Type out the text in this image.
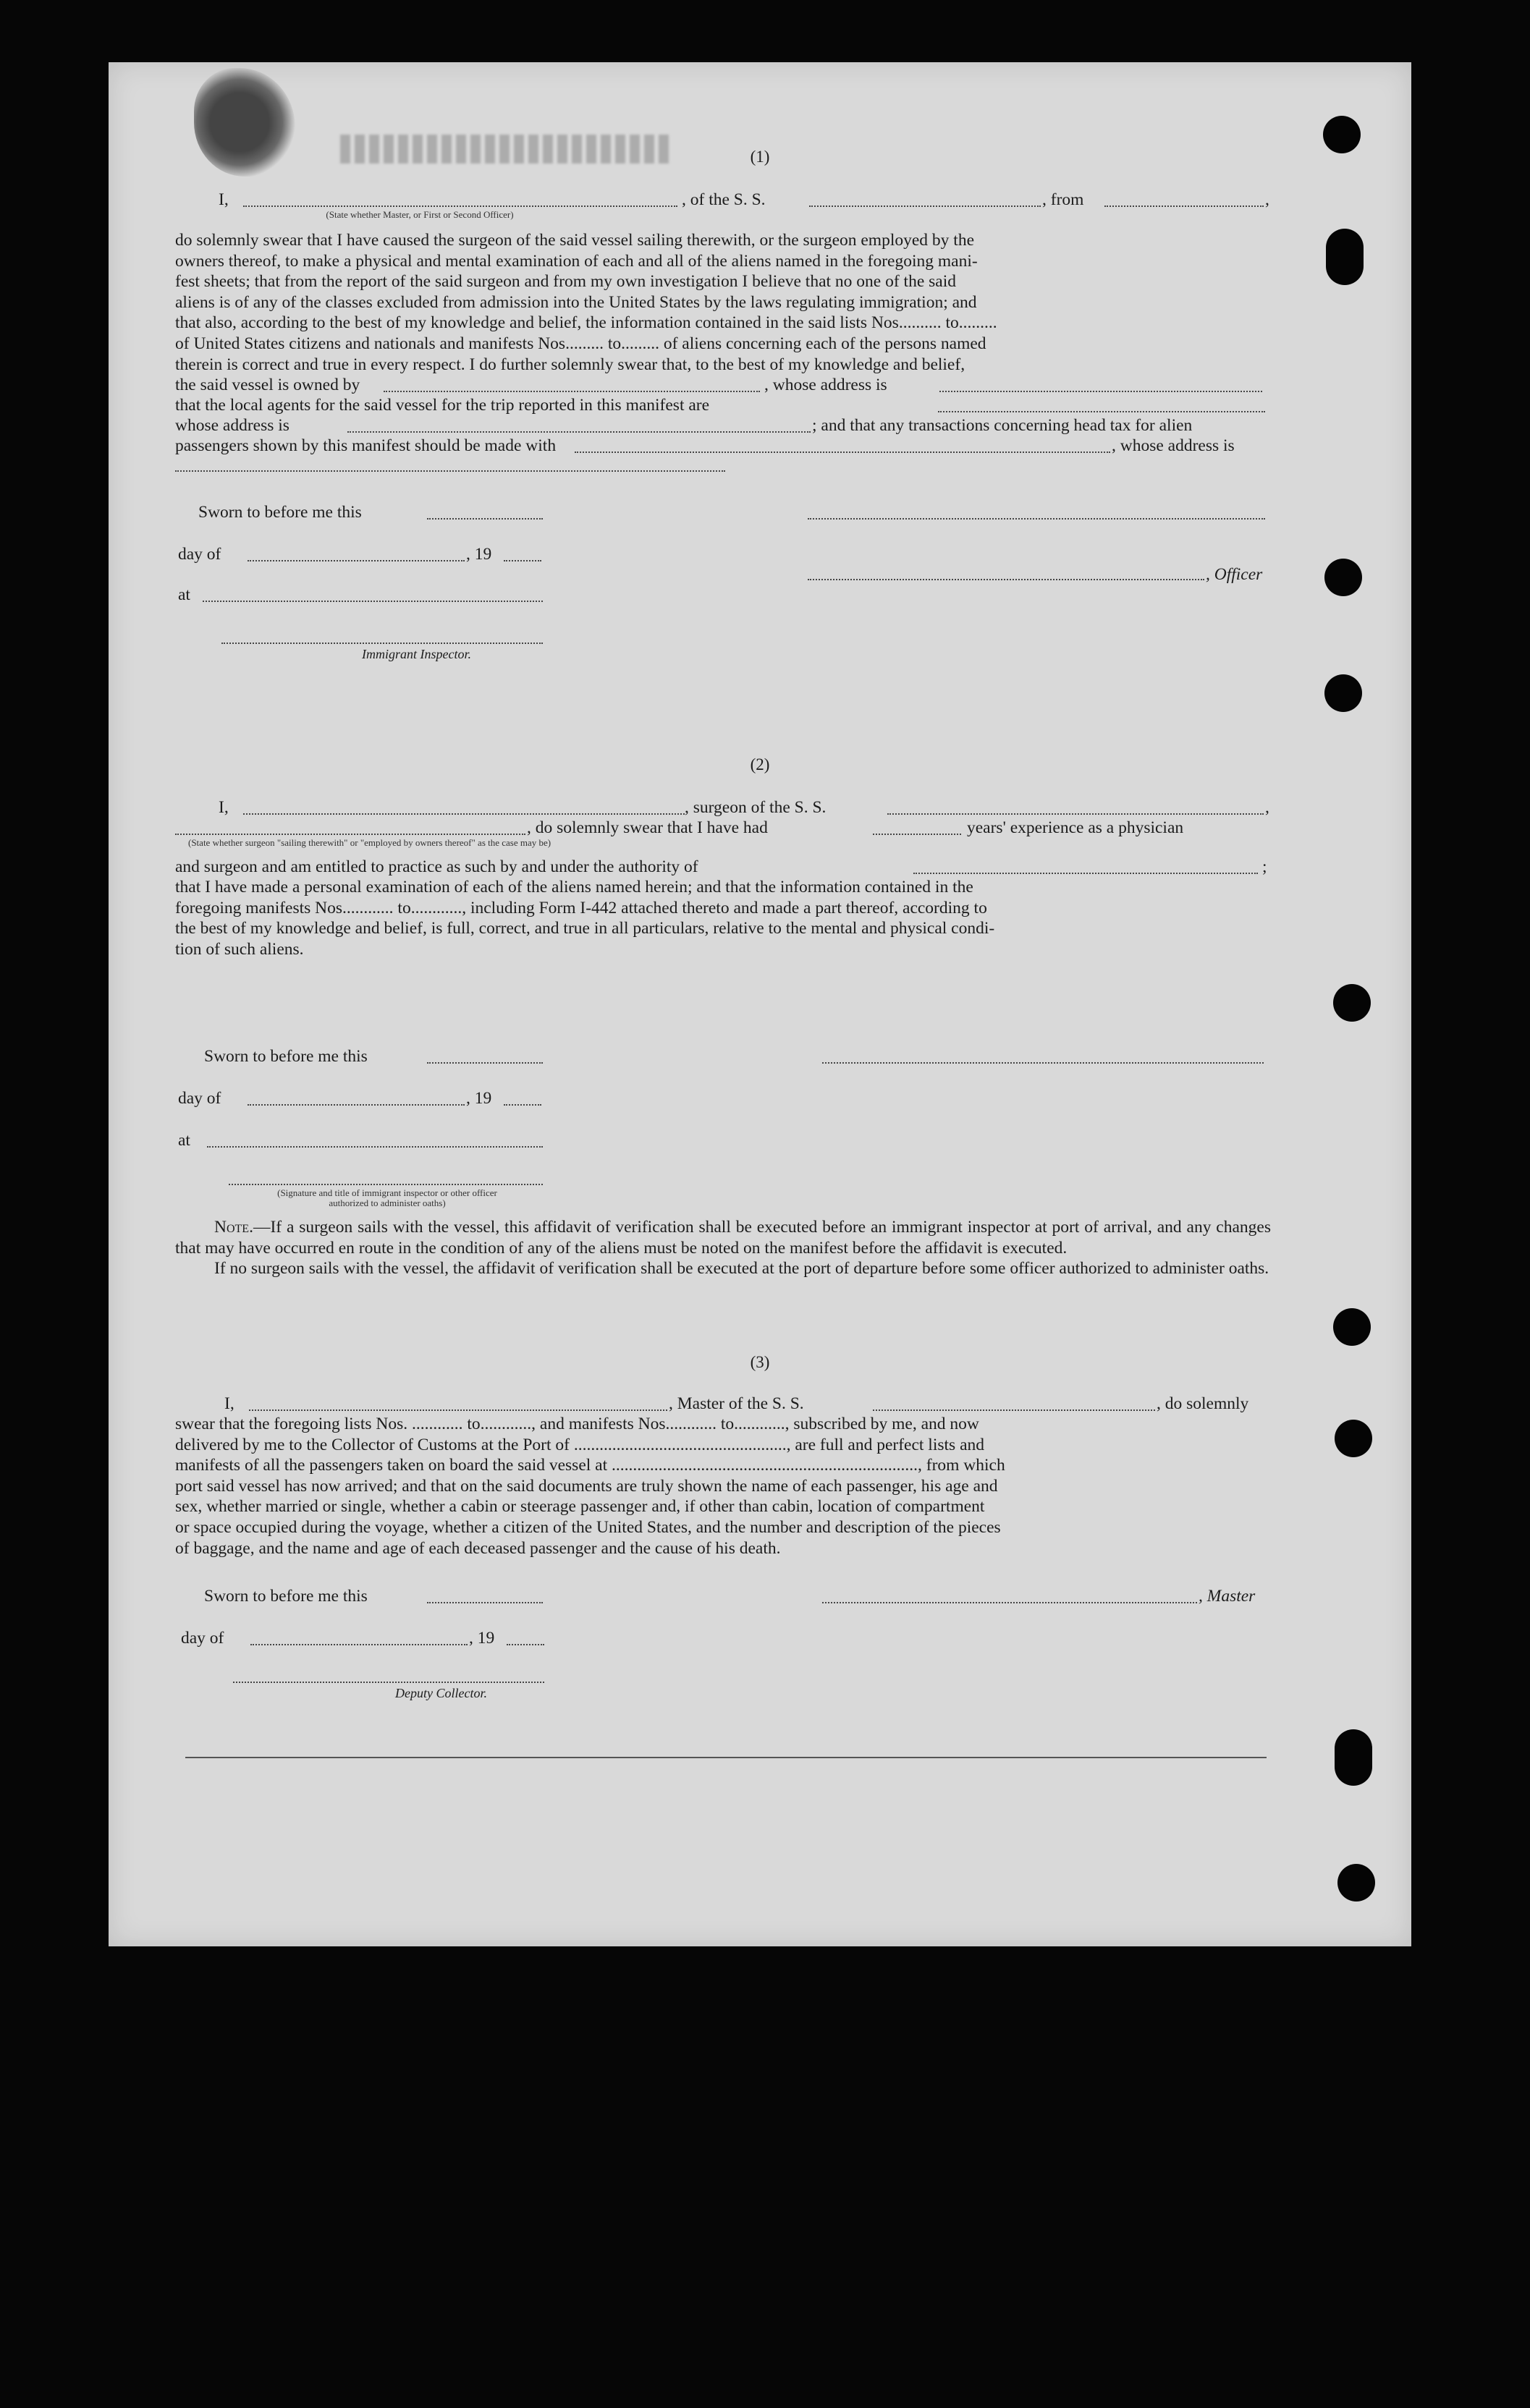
(1)
I,	, of the S. S.	, from	,
(State whether Master, or First or Second Officer)

do solemnly swear that I have caused the surgeon of the said vessel sailing therewith, or the surgeon employed by the

owners thereof, to make a physical and mental examination of each and all of the aliens named in the foregoing mani-

fest sheets; that from the report of the said surgeon and from my own investigation I believe that no one of the said

aliens is of any of the classes excluded from admission into the United States by the laws regulating immigration; and

that also, according to the best of my knowledge and belief, the information contained in the said lists Nos.......... to.........

of United States citizens and nationals and manifests Nos......... to......... of aliens concerning each of the persons named

therein is correct and true in every respect. I do further solemnly swear that, to the best of my knowledge and belief,

the said vessel is owned by	, whose address is
that the local agents for the said vessel for the trip reported in this manifest are
whose address is	; and that any transactions concerning head tax for alien
passengers shown by this manifest should be made with	, whose address is
Sworn to before me this
day of	, 19
, Officer
at
Immigrant Inspector.
(2)
I,	, surgeon of the S. S.	,
, do solemnly swear that I have had	years' experience as a physician
(State whether surgeon "sailing therewith" or "employed by owners thereof" as the case may be)
and surgeon and am entitled to practice as such by and under the authority of	;

that I have made a personal examination of each of the aliens named herein; and that the information contained in the

foregoing manifests Nos............ to............, including Form I-442 attached thereto and made a part thereof, according to

the best of my knowledge and belief, is full, correct, and true in all particulars, relative to the mental and physical condi-

tion of such aliens.

Sworn to before me this
day of	, 19
at
(Signature and title of immigrant inspector or other officer authorized to administer oaths)

Note.—If a surgeon sails with the vessel, this affidavit of verification shall be executed before an immigrant inspector at port of arrival, and any changes that may have occurred en route in the condition of any of the aliens must be noted on the manifest before the affidavit is executed.

If no surgeon sails with the vessel, the affidavit of verification shall be executed at the port of departure before some officer authorized to administer oaths.

(3)
I,	, Master of the S. S.	, do solemnly

swear that the foregoing lists Nos. ............ to............, and manifests Nos............ to............, subscribed by me, and now

delivered by me to the Collector of Customs at the Port of .................................................., are full and perfect lists and

manifests of all the passengers taken on board the said vessel at ........................................................................, from which

port said vessel has now arrived; and that on the said documents are truly shown the name of each passenger, his age and

sex, whether married or single, whether a cabin or steerage passenger and, if other than cabin, location of compartment

or space occupied during the voyage, whether a citizen of the United States, and the number and description of the pieces

of baggage, and the name and age of each deceased passenger and the cause of his death.

Sworn to before me this	, Master
day of	, 19
Deputy Collector.
